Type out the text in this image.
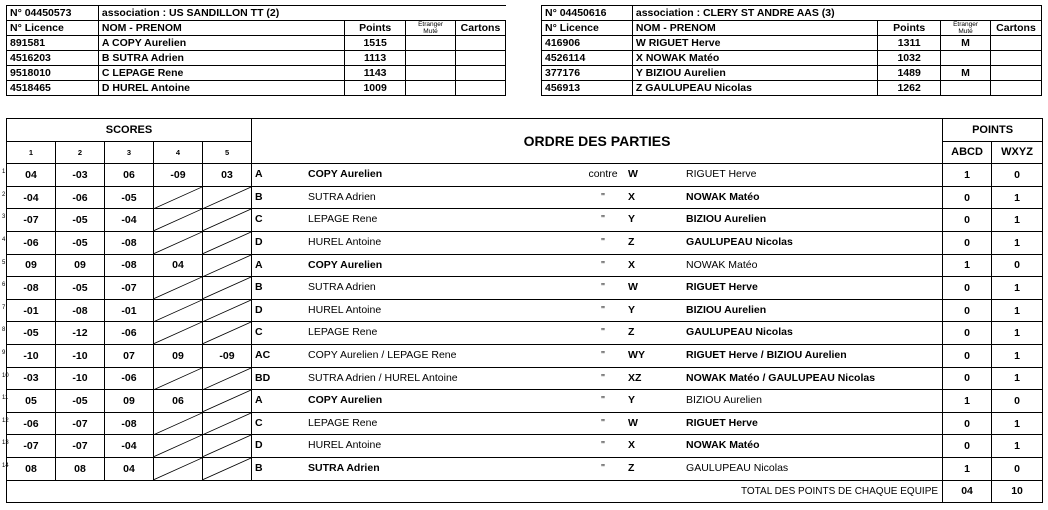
N° 04450573	association : US SANDILLON TT (2)			
N° Licence	NOM - PRENOM	Points	Etranger
Muté	Cartons
891581	A COPY Aurelien	1515		
4516203	B SUTRA Adrien	1113		
9518010	C LEPAGE Rene	1143		
4518465	D HUREL Antoine	1009		
N° 04450616	association : CLERY ST ANDRE AAS (3)			
N° Licence	NOM - PRENOM	Points	Etranger
Muté	Cartons
416906	W RIGUET Herve	1311	M	
4526114	X NOWAK Matéo	1032		
377176	Y BIZIOU Aurelien	1489	M	
456913	Z GAULUPEAU Nicolas	1262		
SCORES					ORDRE DES PARTIES	POINTS	
1	2	3	4	5		ABCD	WXYZ

1 04	-03	06	-09	03	A COPY Aurelien contre W RIGUET Herve	1	0

2 -04	-06	-05			B SUTRA Adrien " X NOWAK Matéo	0	1

3 -07	-05	-04			C LEPAGE Rene " Y BIZIOU Aurelien	0	1

4 -06	-05	-08			D HUREL Antoine " Z GAULUPEAU Nicolas	0	1

5 09	09	-08	04		A COPY Aurelien " X NOWAK Matéo	1	0

6 -08	-05	-07			B SUTRA Adrien " W RIGUET Herve	0	1

7 -01	-08	-01			D HUREL Antoine " Y BIZIOU Aurelien	0	1

8 -05	-12	-06			C LEPAGE Rene " Z GAULUPEAU Nicolas	0	1

9 -10	-10	07	09	-09	AC COPY Aurelien / LEPAGE Rene " WY RIGUET Herve / BIZIOU Aurelien	0	1

10 -03	-10	-06			BD SUTRA Adrien / HUREL Antoine " XZ NOWAK Matéo / GAULUPEAU Nicolas	0	1

11 05	-05	09	06		A COPY Aurelien " Y BIZIOU Aurelien	1	0

12 -06	-07	-08			C LEPAGE Rene " W RIGUET Herve	0	1

13 -07	-07	-04			D HUREL Antoine " X NOWAK Matéo	0	1

14 08	08	04			B SUTRA Adrien " Z GAULUPEAU Nicolas	1	0
TOTAL DES POINTS DE CHAQUE EQUIPE						04	10
